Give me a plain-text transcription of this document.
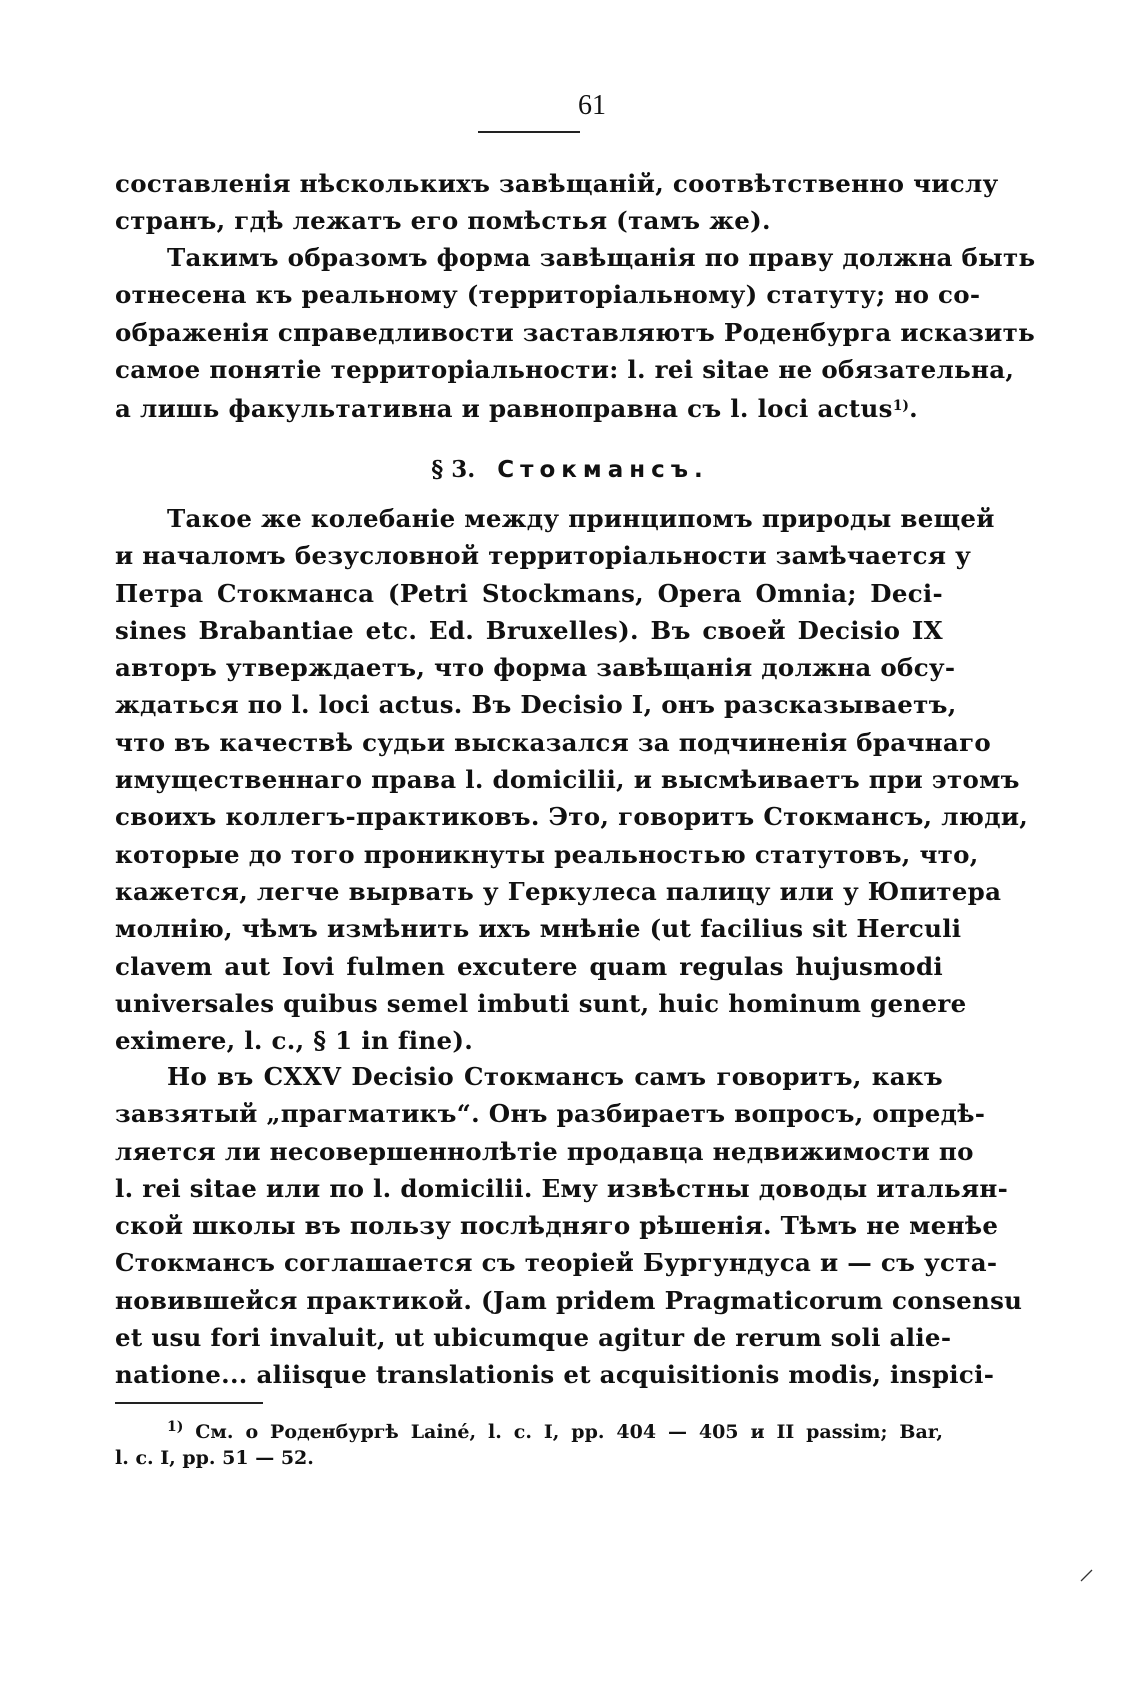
61
составленія нѣсколькихъ завѣщаній, соотвѣтственно числу
странъ, гдѣ лежатъ его помѣстья (тамъ же).
Такимъ образомъ форма завѣщанія по праву должна быть
отнесена къ реальному (территоріальному) статуту; но со-
ображенія справедливости заставляютъ Роденбурга исказить
самое понятіе территоріальности: l. rei sitae не обязательна,
а лишь факультативна и равноправна съ l. loci actus$^{1)}$.
§ 3. Стокмансъ.
Такое же колебаніе между принципомъ природы вещей
и началомъ безусловной территоріальности замѣчается у
Петра Стокманса (Petri Stockmans, Opera Omnia; Deci-
sines Brabantiae etc. Ed. Bruxelles). Въ своей Decisio IX
авторъ утверждаетъ, что форма завѣщанія должна обсу-
ждаться по l. loci actus. Въ Decisio I, онъ разсказываетъ,
что въ качествѣ судьи высказался за подчиненія брачнаго
имущественнаго права l. domicilii, и высмѣиваетъ при этомъ
своихъ коллегъ-практиковъ. Это, говоритъ Стокмансъ, люди,
которые до того проникнуты реальностью статутовъ, что,
кажется, легче вырвать у Геркулеса палицу или у Юпитера
молнію, чѣмъ измѣнить ихъ мнѣніе (ut facilius sit Herculi
clavem aut Iovi fulmen excutere quam regulas hujusmodi
universales quibus semel imbuti sunt, huic hominum genere
eximere, l. c., § 1 in fine).
Но въ CXXV Decisio Стокмансъ самъ говоритъ, какъ
завзятый „прагматикъ“. Онъ разбираетъ вопросъ, опредѣ-
ляется ли несовершеннолѣтіе продавца недвижимости по
l. rei sitae или по l. domicilii. Ему извѣстны доводы итальян-
ской школы въ пользу послѣдняго рѣшенія. Тѣмъ не менѣе
Стокмансъ соглашается съ теоріей Бургундуса и — съ уста-
новившейся практикой. (Jam pridem Pragmaticorum consensu
et usu fori invaluit, ut ubicumque agitur de rerum soli alie-
natione... aliisque translationis et acquisitionis modis, inspici-
$^{1)}$ См. о Роденбургѣ Lainé, l. c. I, pp. 404 — 405 и II passim; Bar,
l. c. I, pp. 51 — 52.
